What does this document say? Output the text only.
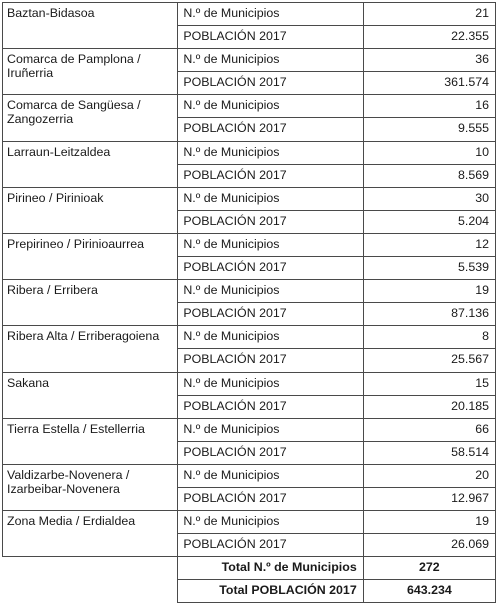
Baztan-Bidasoa	N.º de Municipios	21
	POBLACIÓN 2017	22.355
Comarca de Pamplona / Iruñerria	N.º de Municipios	36
	POBLACIÓN 2017	361.574
Comarca de Sangüesa / Zangozerria	N.º de Municipios	16
	POBLACIÓN 2017	9.555
Larraun-Leitzaldea	N.º de Municipios	10
	POBLACIÓN 2017	8.569
Pirineo / Pirinioak	N.º de Municipios	30
	POBLACIÓN 2017	5.204
Prepirineo / Pirinioaurrea	N.º de Municipios	12
	POBLACIÓN 2017	5.539
Ribera / Erribera	N.º de Municipios	19
	POBLACIÓN 2017	87.136
Ribera Alta / Erriberagoiena	N.º de Municipios	8
	POBLACIÓN 2017	25.567
Sakana	N.º de Municipios	15
	POBLACIÓN 2017	20.185
Tierra Estella / Estellerria	N.º de Municipios	66
	POBLACIÓN 2017	58.514
Valdizarbe-Novenera / Izarbeibar-Novenera	N.º de Municipios	20
	POBLACIÓN 2017	12.967
Zona Media / Erdialdea	N.º de Municipios	19
	POBLACIÓN 2017	26.069
	Total N.º de Municipios	272
	Total POBLACIÓN 2017	643.234
